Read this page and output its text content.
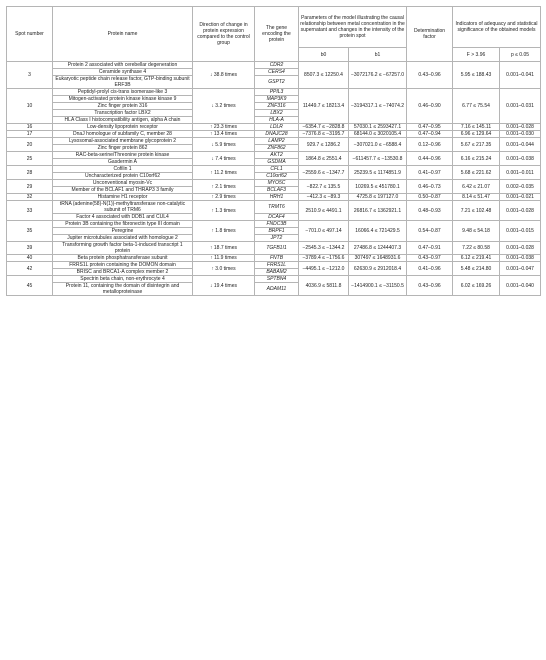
Spot number	Protein name	Direction of change in protein expression compared to the control group	The gene encoding the protein	Parameters of the model illustrating the causal relationship between metal concentration in the supernatant and changes in the intensity of the protein spot		Determination factor	Indicators of adequacy and statistical significance of the obtained models	
				b0	b1		F > 3.96	p ≤ 0.05
3	Protein 2 associated with cerebellar degeneration	↓ 38.8 times	CDR2	8507.3 ≤ 12250.4	−3072176.2 ≤ −67257.0	0.43–0.96	5.95 ≤ 188.43	0.001–0.041
	Ceramide synthase 4		CERS4					
	Eukaryotic peptide chain release factor, GTP-binding subunit ERF3B		GSPT2					
10	Peptidyl-prolyl cis-trans isomerase-like 3	↓ 3.2 times	PPIL3	11449.7 ≤ 18213.4	−3194317.1 ≤ −74074.2	0.46–0.90	6.77 ≤ 75.54	0.001–0.031
	Mitogen-activated protein kinase kinase kinase 9		MAP3K9					
	Zinc finger protein 316		ZNF316					
	Transcription factor LBX2		LBX2					
	HLA Class I histocompatibility antigen, alpha A chain		HLA-A					
16	Low-density lipoprotein receptor	↑ 23.3 times	LDLR	−6354.7 ≤ −2828.8	57030.1 ≤ 2593427.1	0.47–0.95	7.16 ≤ 145.11	0.001–0.028
17	DnaJ homologue of subfamily C, member 28	↑ 13.4 times	DNAJC28	−7376.8 ≤ −3195.7	68144.0 ≤ 3020105.4	0.47–0.94	6.96 ≤ 129.64	0.001–0.030
20	Lysosomal-associated membrane glycoprotein 2	↓ 5.9 times	LAMP2	929.7 ≤ 1286.2	−307021.0 ≤ −6588.4	0.12–0.96	5.67 ≤ 217.35	0.001–0.044
	Zinc finger protein 862		ZNF862					
25	RAC-beta-serine/Threonine protein kinase	↓ 7.4 times	AKT2	1864.8 ≤ 2551.4	−611457.7 ≤ −13530.8	0.44–0.96	6.16 ≤ 215.24	0.001–0.038
	Gasdermin A		GSDMA					
28	Cofilin 1	↑ 11.2 times	CFL1	−2559.6 ≤ −1347.7	25239.5 ≤ 1174851.9	0.41–0.97	5.68 ≤ 221.62	0.001–0.011
	Uncharacterized protein C10orf62		C10orf62					
29	Unconventional myosin-Vc	↑ 2.1 times	MYO5C	−822.7 ≤ 135.5	10269.5 ≤ 451780.1	0.46–0.73	6.42 ≤ 21.07	0.002–0.035
	Member of the BCLAF1 and THRAP3 3 family		BCLAF3					
32	Histamine H1 receptor	↑ 2.9 times	HRH1	−412.3 ≤ −89.3	4725.8 ≤ 197127.0	0.50–0.87	8.14 ≤ 51.47	0.001–0.021
33	tRNA (adenine(58)-N(1))-methyltransferase non-catalytic subunit of TRM6	↑ 1.3 times	TRMT6	2510.9 ≤ 4491.1	26816.7 ≤ 1362921.1	0.48–0.93	7.21 ≤ 102.48	0.001–0.028
	Factor 4 associated with DDB1 and CUL4		DCAF4					
35	Protein 3B containing the fibronectin type III domain	↑ 1.8 times	FNDC3B	−701.0 ≤ 497.14	16066.4 ≤ 721429.5	0.54–0.87	9.48 ≤ 54.18	0.001–0.015
	Peregrine		BRPF1					
	Jupiter microtubules associated with homologue 2		JPT2					
39	Transforming growth factor beta-1-induced transcript 1 protein	↑ 18.7 times	TGFB1I1	−2545.3 ≤ −1344.2	27486.8 ≤ 1244407.3	0.47–0.91	7.22 ≤ 80.58	0.001–0.028
40	Beta protein phosphatransferase subunit	↑ 11.9 times	FNTB	−3789.4 ≤ −1756.6	307497 ≤ 1648931.6	0.43–0.97	6.12 ≤ 219.41	0.001–0.038
42	FRRS1L protein containing the DOMON domain	↑ 3.0 times	FRRS1L	−4495.1 ≤ −1212.0	62630.9 ≤ 2912018.4	0.41–0.96	5.48 ≤ 214.80	0.001–0.047
	BRISC and BRCA1-A complex member 2		BABAM2					
45	Spectrin beta chain, non-erythrocyte 4	↓ 19.4 times	SPTBN4	4036.9 ≤ 5811.8	−1414900.1 ≤ −31150.5	0.43–0.96	6.02 ≤ 169.26	0.001–0.040
	Protein 11, containing the domain of disintegrin and metalloproteinase		ADAM11					
